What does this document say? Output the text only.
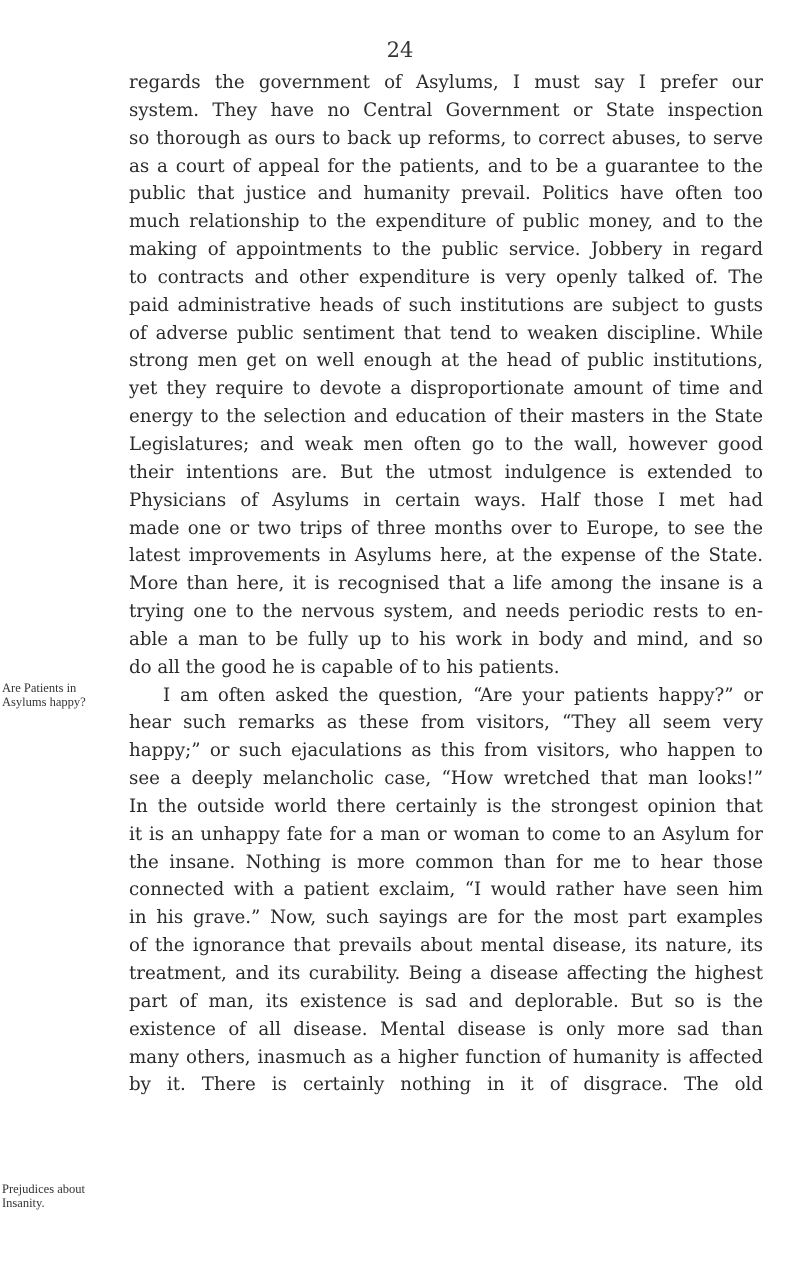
24
regards the government of Asylums, I must say I prefer our
system. They have no Central Government or State inspection
so thorough as ours to back up reforms, to correct abuses, to serve
as a court of appeal for the patients, and to be a guarantee to the
public that justice and humanity prevail. Politics have often too
much relationship to the expenditure of public money, and to the
making of appointments to the public service. Jobbery in regard
to contracts and other expenditure is very openly talked of. The
paid administrative heads of such institutions are subject to gusts
of adverse public sentiment that tend to weaken discipline. While
strong men get on well enough at the head of public institutions,
yet they require to devote a disproportionate amount of time and
energy to the selection and education of their masters in the State
Legislatures; and weak men often go to the wall, however good
their intentions are. But the utmost indulgence is extended to
Physicians of Asylums in certain ways. Half those I met had
made one or two trips of three months over to Europe, to see the
latest improvements in Asylums here, at the expense of the State.
More than here, it is recognised that a life among the insane is a
trying one to the nervous system, and needs periodic rests to en-
able a man to be fully up to his work in body and mind, and so
do all the good he is capable of to his patients.
I am often asked the question, “Are your patients happy?” or
hear such remarks as these from visitors, “They all seem very
happy;” or such ejaculations as this from visitors, who happen to
see a deeply melancholic case, “How wretched that man looks!”
In the outside world there certainly is the strongest opinion that
it is an unhappy fate for a man or woman to come to an Asylum for
the insane. Nothing is more common than for me to hear those
connected with a patient exclaim, “I would rather have seen him
in his grave.” Now, such sayings are for the most part examples
of the ignorance that prevails about mental disease, its nature, its
treatment, and its curability. Being a disease affecting the highest
part of man, its existence is sad and deplorable. But so is the
existence of all disease. Mental disease is only more sad than
many others, inasmuch as a higher function of humanity is affected
by it. There is certainly nothing in it of disgrace. The old
Are Patients in
Asylums happy?
Prejudices about
Insanity.
